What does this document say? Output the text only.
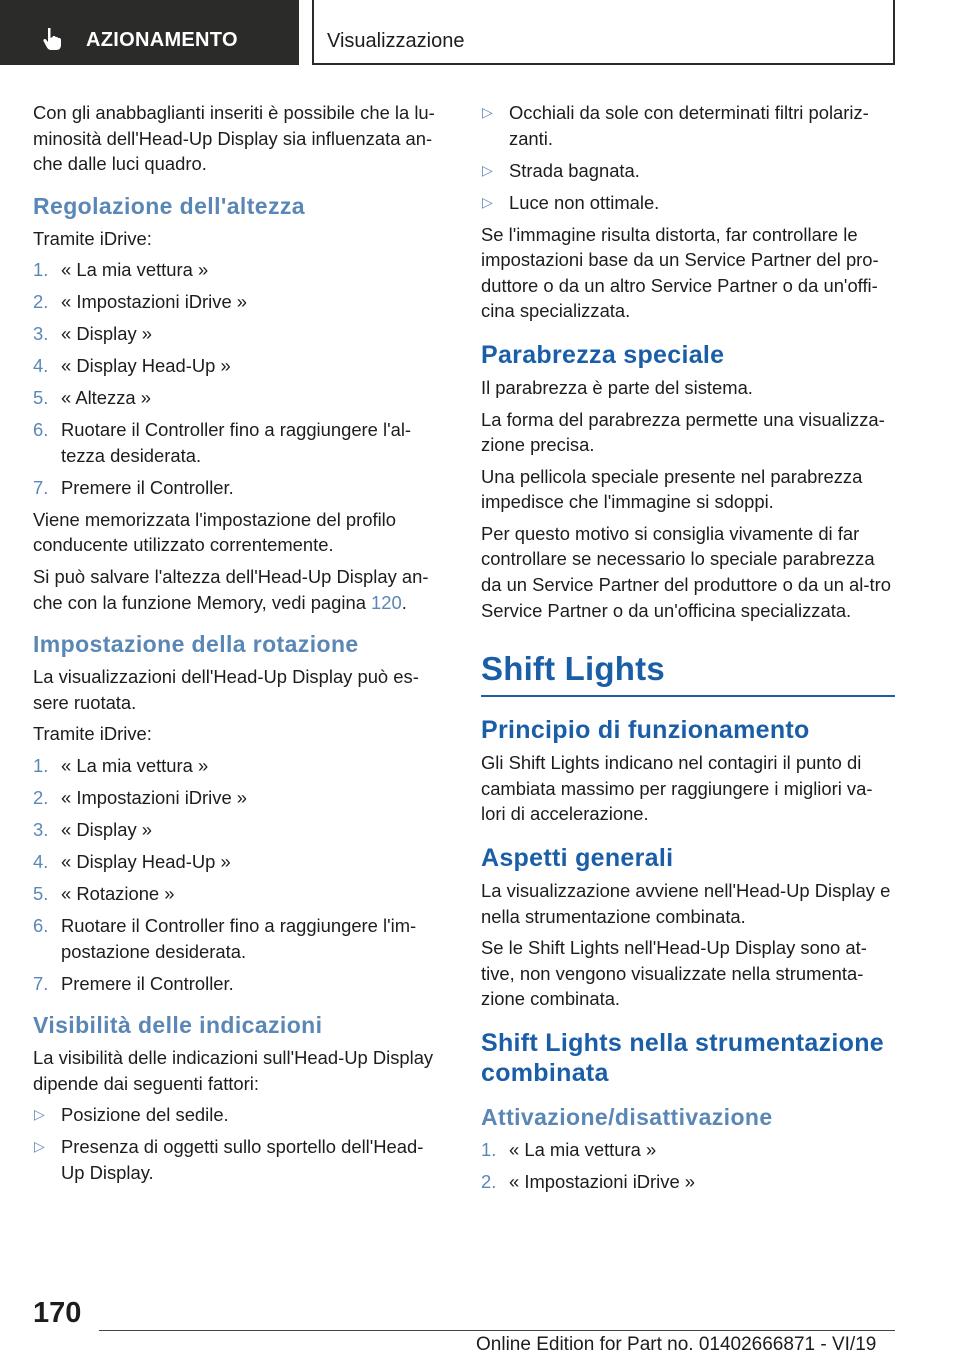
AZIONAMENTO	Visualizzazione

Con gli anabbaglianti inseriti è possibile che la lu-minosità dell'Head-Up Display sia influenzata an-che dalle luci quadro.

Regolazione dell'altezza

Tramite iDrive:

1. « La mia vettura »
2. « Impostazioni iDrive »
3. « Display »
4. « Display Head-Up »
5. « Altezza »
6. Ruotare il Controller fino a raggiungere l'al-tezza desiderata.
7. Premere il Controller.

Viene memorizzata l'impostazione del profilo conducente utilizzato correntemente.

Si può salvare l'altezza dell'Head-Up Display an-che con la funzione Memory, vedi pagina 120.

Impostazione della rotazione

La visualizzazioni dell'Head-Up Display può es-sere ruotata.

Tramite iDrive:

1. « La mia vettura »
2. « Impostazioni iDrive »
3. « Display »
4. « Display Head-Up »
5. « Rotazione »
6. Ruotare il Controller fino a raggiungere l'im-postazione desiderata.
7. Premere il Controller.
Visibilità delle indicazioni

La visibilità delle indicazioni sull'Head-Up Display dipende dai seguenti fattori:

▷ Posizione del sedile.
▷ Presenza di oggetti sullo sportello dell'Head-Up Display.
▷ Occhiali da sole con determinati filtri polariz-zanti.
▷ Strada bagnata.
▷ Luce non ottimale.

Se l'immagine risulta distorta, far controllare le impostazioni base da un Service Partner del pro-duttore o da un altro Service Partner o da un'offi-cina specializzata.

Parabrezza speciale

Il parabrezza è parte del sistema.

La forma del parabrezza permette una visualizza-zione precisa.

Una pellicola speciale presente nel parabrezza impedisce che l'immagine si sdoppi.

Per questo motivo si consiglia vivamente di far controllare se necessario lo speciale parabrezza da un Service Partner del produttore o da un al-tro Service Partner o da un'officina specializzata.

Shift Lights
Principio di funzionamento

Gli Shift Lights indicano nel contagiri il punto di cambiata massimo per raggiungere i migliori va-lori di accelerazione.

Aspetti generali

La visualizzazione avviene nell'Head-Up Display e nella strumentazione combinata.

Se le Shift Lights nell'Head-Up Display sono at-tive, non vengono visualizzate nella strumenta-zione combinata.

Shift Lights nella strumentazione combinata
Attivazione/disattivazione
1. « La mia vettura »
2. « Impostazioni iDrive »
170
Online Edition for Part no. 01402666871 - VI/19
